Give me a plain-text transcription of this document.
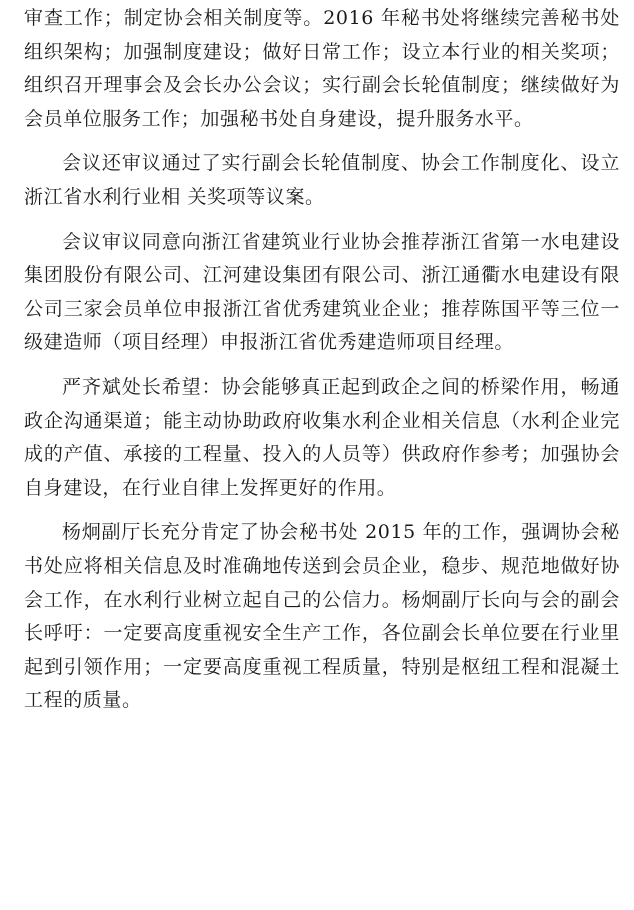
审查工作；制定协会相关制度等。2016 年秘书处将继续完善秘书处组织架构；加强制度建设；做好日常工作；设立本行业的相关奖项；组织召开理事会及会长办公会议；实行副会长轮值制度；继续做好为会员单位服务工作；加强秘书处自身建设，提升服务水平。

会议还审议通过了实行副会长轮值制度、协会工作制度化、设立浙江省水利行业相 关奖项等议案。

会议审议同意向浙江省建筑业行业协会推荐浙江省第一水电建设集团股份有限公司、江河建设集团有限公司、浙江通衢水电建设有限公司三家会员单位申报浙江省优秀建筑业企业；推荐陈国平等三位一级建造师（项目经理）申报浙江省优秀建造师项目经理。

严齐斌处长希望：协会能够真正起到政企之间的桥梁作用，畅通政企沟通渠道；能主动协助政府收集水利企业相关信息（水利企业完成的产值、承接的工程量、投入的人员等）供政府作参考；加强协会自身建设，在行业自律上发挥更好的作用。

杨炯副厅长充分肯定了协会秘书处 2015 年的工作，强调协会秘书处应将相关信息及时准确地传送到会员企业，稳步、规范地做好协会工作，在水利行业树立起自己的公信力。杨炯副厅长向与会的副会长呼吁：一定要高度重视安全生产工作，各位副会长单位要在行业里起到引领作用；一定要高度重视工程质量，特别是枢纽工程和混凝土工程的质量。
